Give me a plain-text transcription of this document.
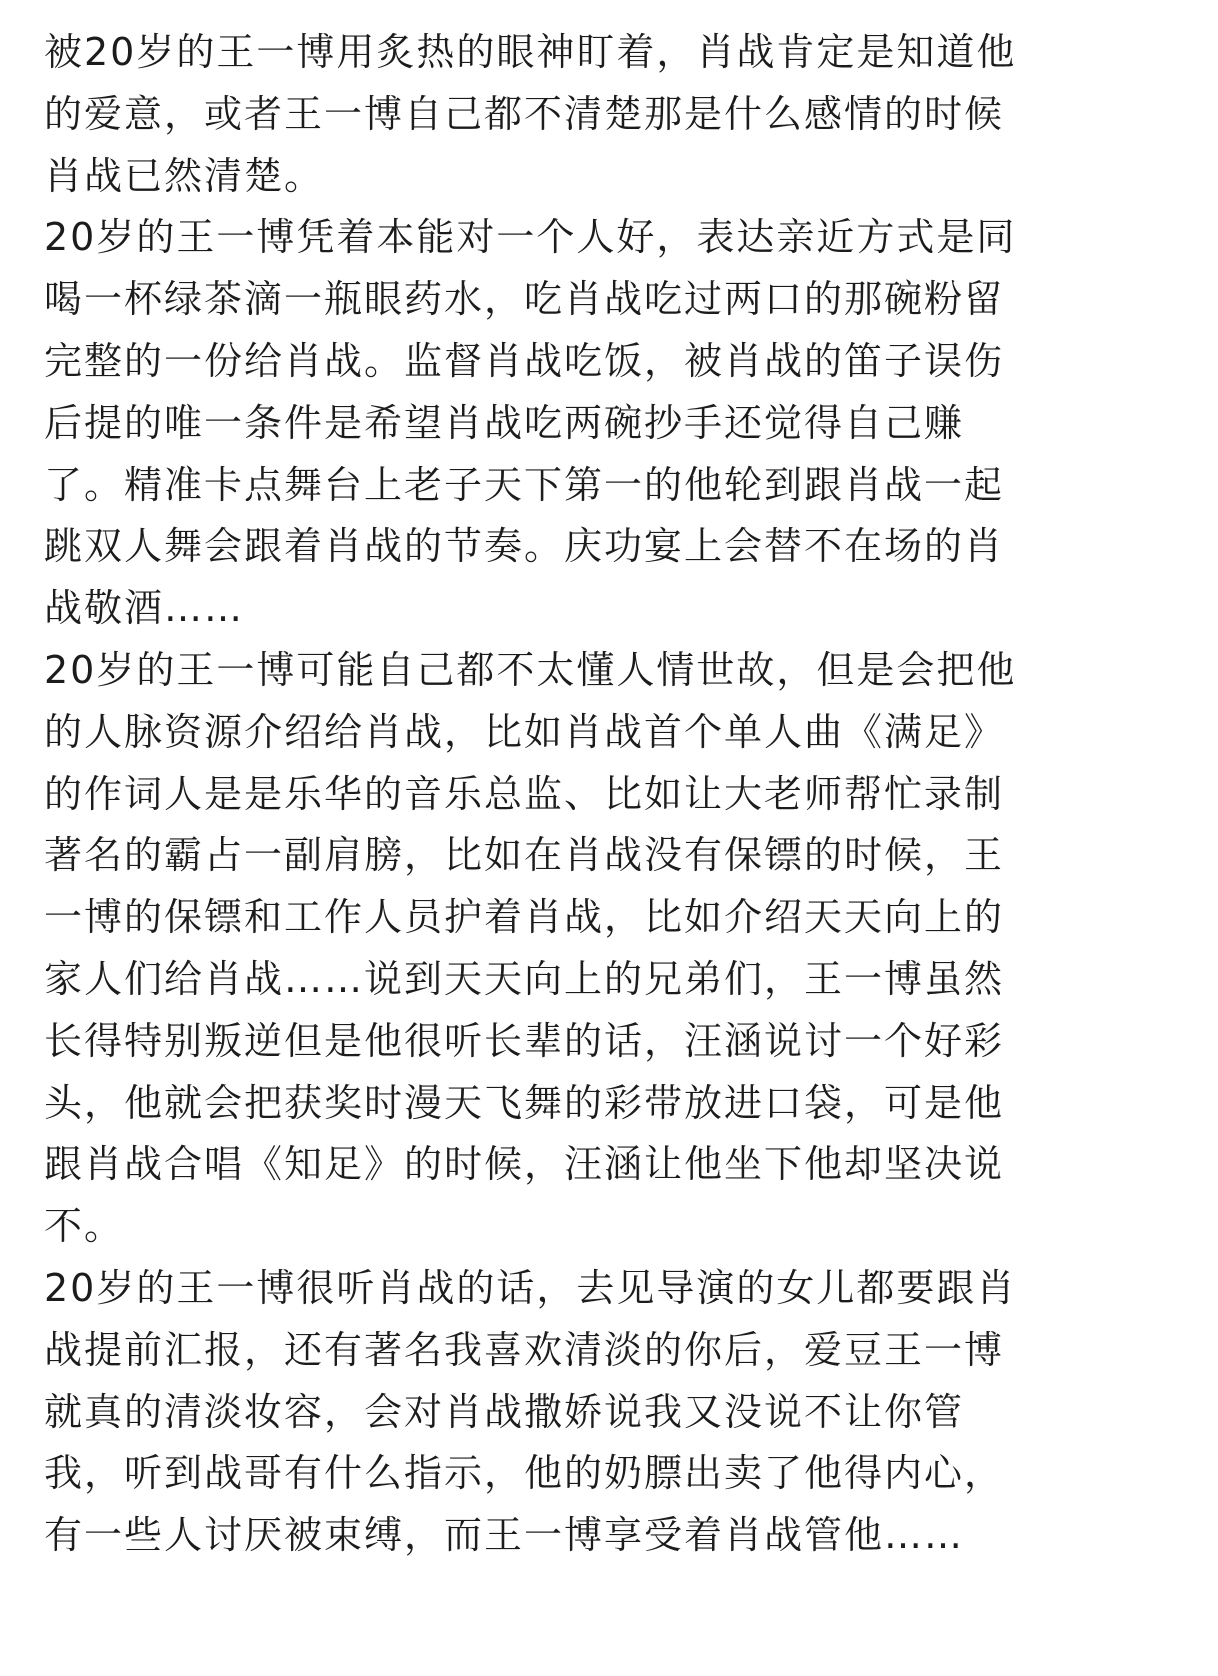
被20岁的王一博用炙热的眼神盯着，肖战肯定是知道他
的爱意，或者王一博自己都不清楚那是什么感情的时候
肖战已然清楚。
20岁的王一博凭着本能对一个人好，表达亲近方式是同
喝一杯绿茶滴一瓶眼药水，吃肖战吃过两口的那碗粉留
完整的一份给肖战。监督肖战吃饭，被肖战的笛子误伤
后提的唯一条件是希望肖战吃两碗抄手还觉得自己赚
了。精准卡点舞台上老子天下第一的他轮到跟肖战一起
跳双人舞会跟着肖战的节奏。庆功宴上会替不在场的肖
战敬酒……
20岁的王一博可能自己都不太懂人情世故，但是会把他
的人脉资源介绍给肖战，比如肖战首个单人曲《满足》
的作词人是是乐华的音乐总监、比如让大老师帮忙录制
著名的霸占一副肩膀，比如在肖战没有保镖的时候，王
一博的保镖和工作人员护着肖战，比如介绍天天向上的
家人们给肖战……说到天天向上的兄弟们，王一博虽然
长得特别叛逆但是他很听长辈的话，汪涵说讨一个好彩
头，他就会把获奖时漫天飞舞的彩带放进口袋，可是他
跟肖战合唱《知足》的时候，汪涵让他坐下他却坚决说
不。
20岁的王一博很听肖战的话，去见导演的女儿都要跟肖
战提前汇报，还有著名我喜欢清淡的你后，爱豆王一博
就真的清淡妆容，会对肖战撒娇说我又没说不让你管
我，听到战哥有什么指示，他的奶膘出卖了他得内心，
有一些人讨厌被束缚，而王一博享受着肖战管他……
